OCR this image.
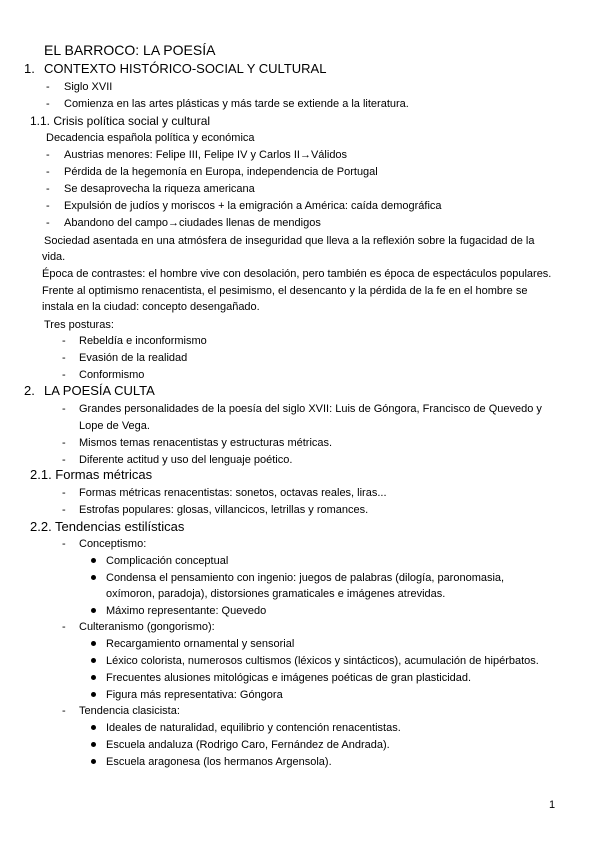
EL BARROCO: LA POESÍA
1. CONTEXTO HISTÓRICO-SOCIAL Y CULTURAL
- Siglo XVII
- Comienza en las artes plásticas y más tarde se extiende a la literatura.
1.1. Crisis política social y cultural
Decadencia española política y económica
- Austrias menores: Felipe III, Felipe IV y Carlos II→Válidos
- Pérdida de la hegemonía en Europa, independencia de Portugal
- Se desaprovecha la riqueza americana
- Expulsión de judíos y moriscos + la emigración a América: caída demográfica
- Abandono del campo→ciudades llenas de mendigos
Sociedad asentada en una atmósfera de inseguridad que lleva a la reflexión sobre la fugacidad de la
vida.
Época de contrastes: el hombre vive con desolación, pero también es época de espectáculos populares.
Frente al optimismo renacentista, el pesimismo, el desencanto y la pérdida de la fe en el hombre se
instala en la ciudad: concepto desengañado.
Tres posturas:
- Rebeldía e inconformismo
- Evasión de la realidad
- Conformismo
2. LA POESÍA CULTA
- Grandes personalidades de la poesía del siglo XVII: Luis de Góngora, Francisco de Quevedo y
Lope de Vega.
- Mismos temas renacentistas y estructuras métricas.
- Diferente actitud y uso del lenguaje poético.
2.1. Formas métricas
- Formas métricas renacentistas: sonetos, octavas reales, liras...
- Estrofas populares: glosas, villancicos, letrillas y romances.
2.2. Tendencias estilísticas
- Conceptismo:
Complicación conceptual
Condensa el pensamiento con ingenio: juegos de palabras (dilogía, paronomasia,
oxímoron, paradoja), distorsiones gramaticales e imágenes atrevidas.
Máximo representante: Quevedo
- Culteranismo (gongorismo):
Recargamiento ornamental y sensorial
Léxico colorista, numerosos cultismos (léxicos y sintácticos), acumulación de hipérbatos.
Frecuentes alusiones mitológicas e imágenes poéticas de gran plasticidad.
Figura más representativa: Góngora
- Tendencia clasicista:
Ideales de naturalidad, equilibrio y contención renacentistas.
Escuela andaluza (Rodrigo Caro, Fernández de Andrada).
Escuela aragonesa (los hermanos Argensola).
1
